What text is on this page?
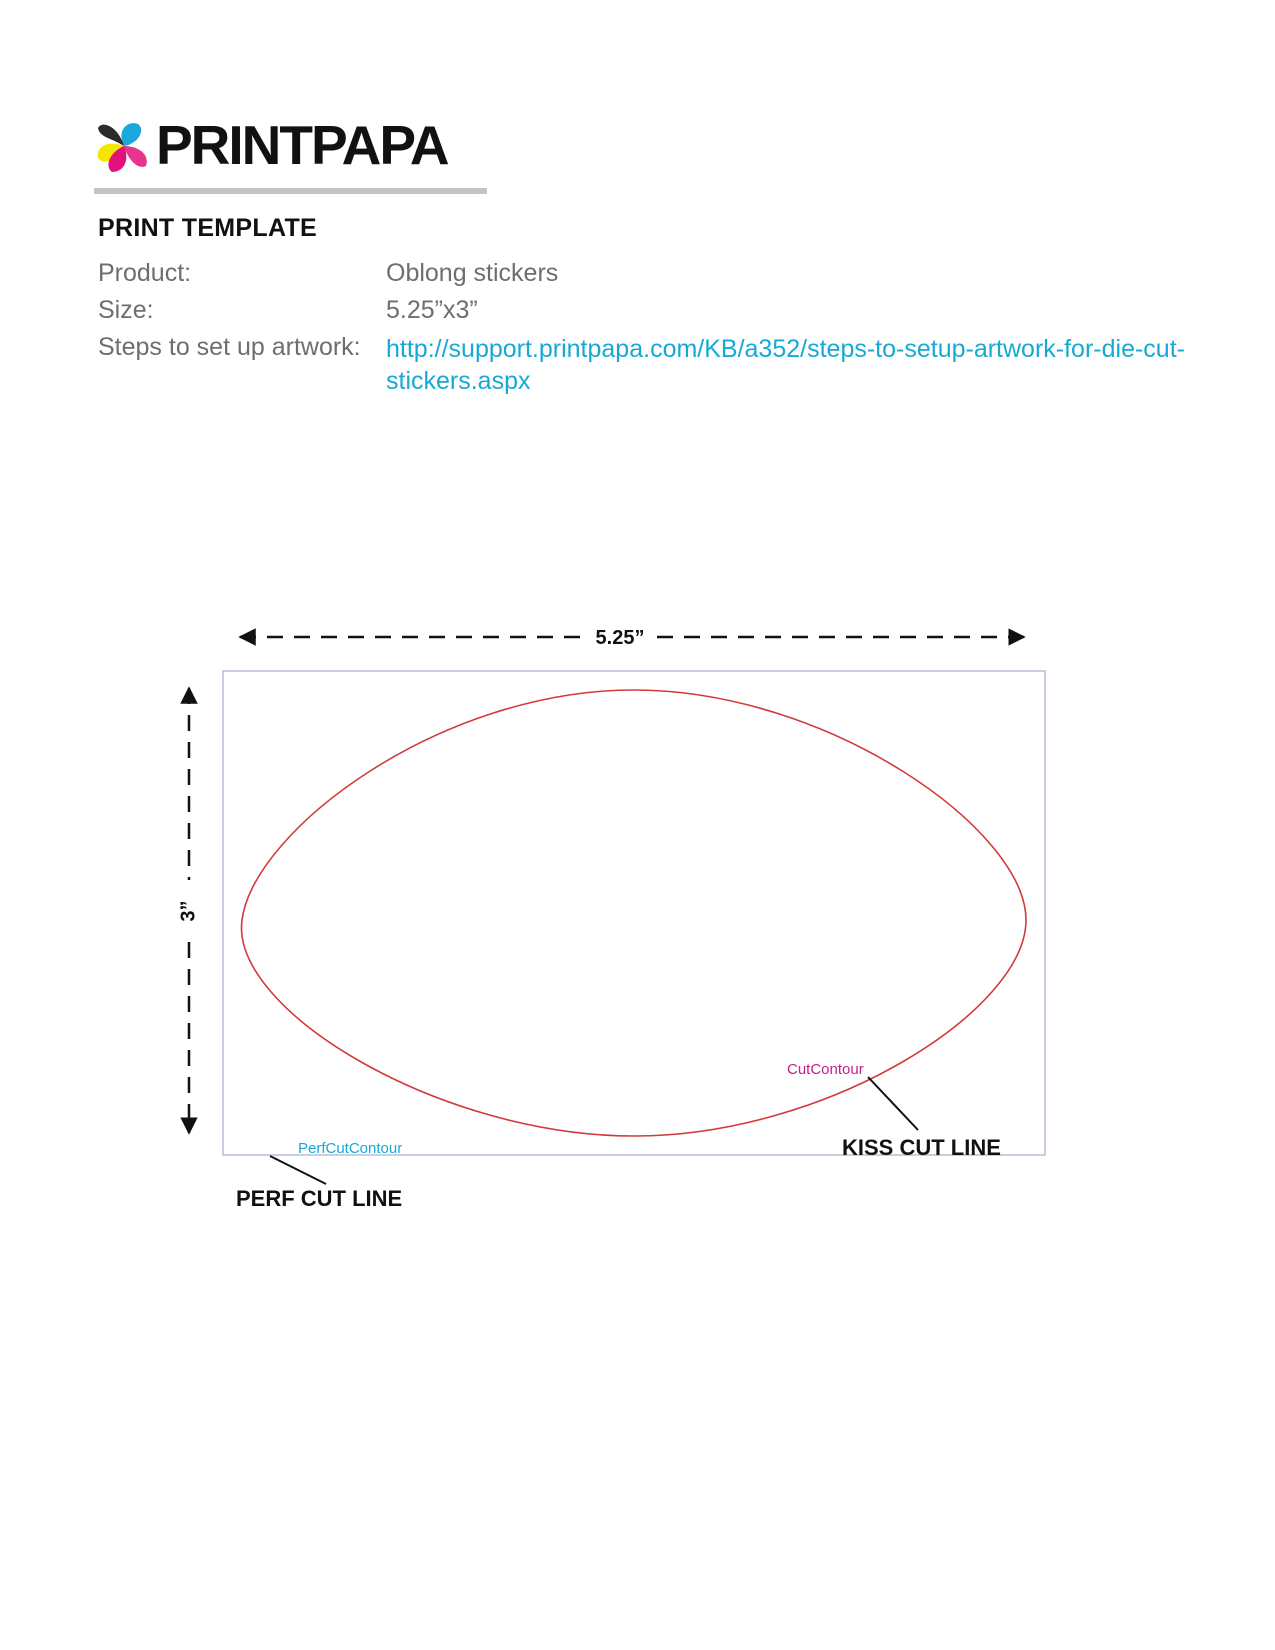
PRINTPAPA
PRINT TEMPLATE
Product:	Oblong stickers
Size:	5.25”x3”
Steps to set up artwork: http://support.printpapa.com/KB/a352/steps-to-setup-artwork-for-die-cut-stickers.aspx
5.25”
3”
CutContour
PerfCutContour	KISS CUT LINE
PERF CUT LINE
